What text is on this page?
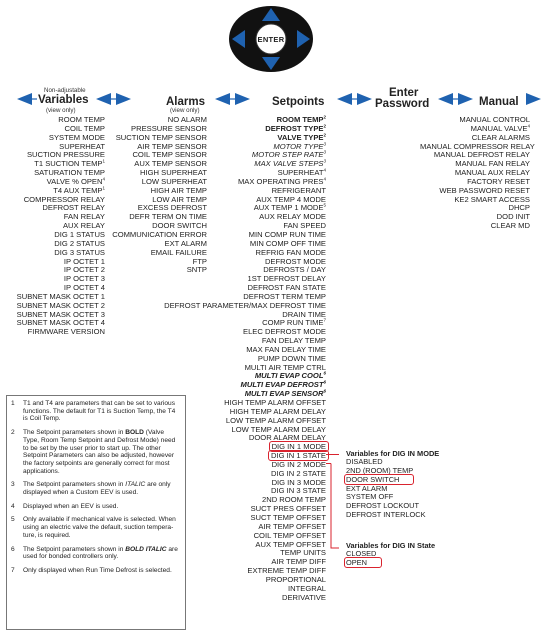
ENTER
Non-adjustable
Variables
(view only)
Alarms
(view only)
Setpoints
Enter
Password	Manual
ROOM TEMP
COIL TEMP
SYSTEM MODE
SUPERHEAT
SUCTION PRESSURE
T1 SUCTION TEMP$^1$
SATURATION TEMP
VALVE % OPEN$^4$
T4 AUX TEMP$^1$
COMPRESSOR RELAY
DEFROST RELAY
FAN RELAY
AUX RELAY
DIG 1 STATUS
DIG 2 STATUS
DIG 3 STATUS
IP OCTET 1
IP OCTET 2
IP OCTET 3
IP OCTET 4
SUBNET MASK OCTET 1
SUBNET MASK OCTET 2
SUBNET MASK OCTET 3
SUBNET MASK OCTET 4
FIRMWARE VERSION
NO ALARM
PRESSURE SENSOR
SUCTION TEMP SENSOR
AIR TEMP SENSOR
COIL TEMP SENSOR
AUX TEMP SENSOR
HIGH SUPERHEAT
LOW SUPERHEAT
HIGH AIR TEMP
LOW AIR TEMP
EXCESS DEFROST
DEFR TERM ON TIME
DOOR SWITCH
COMMUNICATION ERROR
EXT ALARM
EMAIL FAILURE
FTP
SNTP
ROOM TEMP$^2$
DEFROST TYPE$^2$
VALVE TYPE$^2$
MOTOR TYPE$^3$
MOTOR STEP RATE$^3$
MAX VALVE STEPS$^3$
SUPERHEAT$^4$
MAX OPERATING PRES$^4$
REFRIGERANT
AUX TEMP 4 MODE
AUX TEMP 1 MODE$^5$
AUX RELAY MODE
FAN SPEED
MIN COMP RUN TIME
MIN COMP OFF TIME
REFRIG FAN MODE
DEFROST MODE
DEFROSTS / DAY
1ST DEFROST DELAY
DEFROST FAN STATE
DEFROST TERM TEMP
DEFROST PARAMETER/MAX DEFROST TIME
DRAIN TIME
COMP RUN TIME$^7$
ELEC DEFROST MODE
FAN DELAY TEMP
MAX FAN DELAY TIME
PUMP DOWN TIME
MULTI AIR TEMP CTRL
MULTI EVAP COOL$^6$
MULTI EVAP DEFROST$^6$
MULTI EVAP SENSOR$^6$
HIGH TEMP ALARM OFFSET
HIGH TEMP ALARM DELAY
LOW TEMP ALARM OFFSET
LOW TEMP ALARM DELAY
DOOR ALARM DELAY
DIG IN 1 MODE
DIG IN 1 STATE
DIG IN 2 MODE
DIG IN 2 STATE
DIG IN 3 MODE
DIG IN 3 STATE
2ND ROOM TEMP
SUCT PRES OFFSET
SUCT TEMP OFFSET
AIR TEMP OFFSET
COIL TEMP OFFSET
AUX TEMP OFFSET
TEMP UNITS
AIR TEMP DIFF
EXTREME TEMP DIFF
PROPORTIONAL
INTEGRAL
DERIVATIVE
MANUAL CONTROL
MANUAL VALVE$^4$
CLEAR ALARMS
MANUAL COMPRESSOR RELAY
MANUAL DEFROST RELAY
MANUAL FAN RELAY
MANUAL AUX RELAY
FACTORY RESET
WEB PASSWORD RESET
KE2 SMART ACCESS
DHCP
DOD INIT
CLEAR MD
Variables for DIG IN MODE
DISABLED
2ND (ROOM) TEMP
DOOR SWITCH
EXT ALARM
SYSTEM OFF
DEFROST LOCKOUT
DEFROST INTERLOCK
Variables for DIG IN State
CLOSED
OPEN
1 T1 and T4 are parameters that can be set to various functions. The default for T1 is Suction Temp, the T4 is Coil Temp.
2 The Setpoint parameters shown in BOLD (Valve Type, Room Temp Setpoint and Defrost Mode) need to be set by the user prior to start up. The other Setpoint Parameters can also be adjusted, however the factory setpoints are generally correct for most applications.
3 The Setpoint parameters shown in ITALIC are only displayed when a Custom EEV is used.
4 Displayed when an EEV is used.
5 Only available if mechanical valve is selected. When using an electric valve the default, suction tempera-ture, is required.
6 The Setpoint parameters shown in BOLD ITALIC are used for bonded controllers only.
7 Only displayed when Run Time Defrost is selected.
